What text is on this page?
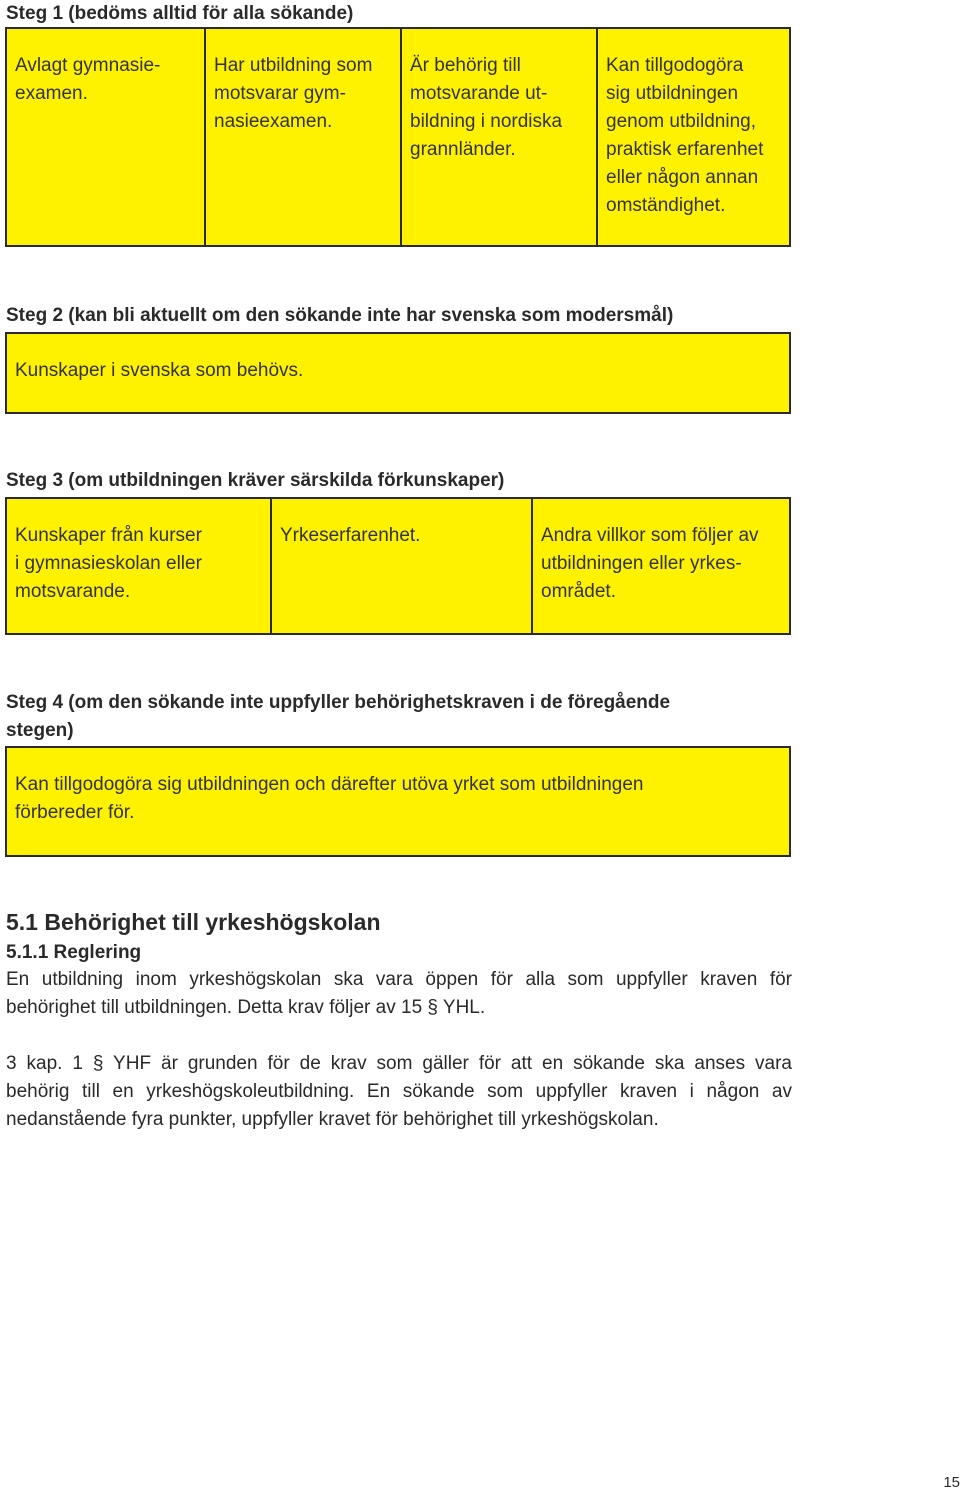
Steg 1 (bedöms alltid för alla sökande)
Avlagt gymnasie-
examen.
Har utbildning som
motsvarar gym-
nasieexamen.
Är behörig till
motsvarande ut-
bildning i nordiska
grannländer.
Kan tillgodogöra
sig utbildningen
genom utbildning,
praktisk erfarenhet
eller någon annan
omständighet.
Steg 2 (kan bli aktuellt om den sökande inte har svenska som modersmål)
Kunskaper i svenska som behövs.
Steg 3 (om utbildningen kräver särskilda förkunskaper)
Kunskaper från kurser
i gymnasieskolan eller
motsvarande.
Yrkeserfarenhet.	Andra villkor som följer av
utbildningen eller yrkes-
området.
Steg 4 (om den sökande inte uppfyller behörighetskraven i de föregående
stegen)
Kan tillgodogöra sig utbildningen och därefter utöva yrket som utbildningen
förbereder för.
5.1 Behörighet till yrkeshögskolan
5.1.1 Reglering

En utbildning inom yrkeshögskolan ska vara öppen för alla som uppfyller kraven för
behörighet till utbildningen. Detta krav följer av 15 § YHL.

3 kap. 1 § YHF är grunden för de krav som gäller för att en sökande ska anses vara
behörig till en yrkeshögskoleutbildning. En sökande som uppfyller kraven i någon av
nedanstående fyra punkter, uppfyller kravet för behörighet till yrkeshögskolan.

15
